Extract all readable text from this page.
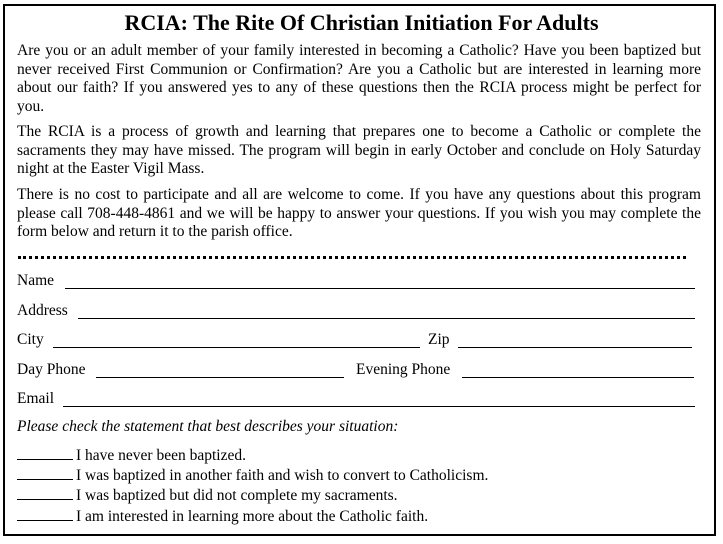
RCIA: The Rite Of Christian Initiation For Adults
Are you or an adult member of your family interested in becoming a Catholic? Have you been baptized but never received First Communion or Confirmation? Are you a Catholic but are interested in learning more about our faith? If you answered yes to any of these questions then the RCIA process might be perfect for you.
The RCIA is a process of growth and learning that prepares one to become a Catholic or complete the sacraments they may have missed. The program will begin in early October and conclude on Holy Saturday night at the Easter Vigil Mass.
There is no cost to participate and all are welcome to come. If you have any questions about this program please call 708-448-4861 and we will be happy to answer your questions. If you wish you may complete the form below and return it to the parish office.
Name
Address
City	Zip
Day Phone	Evening Phone
Email
Please check the statement that best describes your situation:
I have never been baptized.
I was baptized in another faith and wish to convert to Catholicism.
I was baptized but did not complete my sacraments.
I am interested in learning more about the Catholic faith.
